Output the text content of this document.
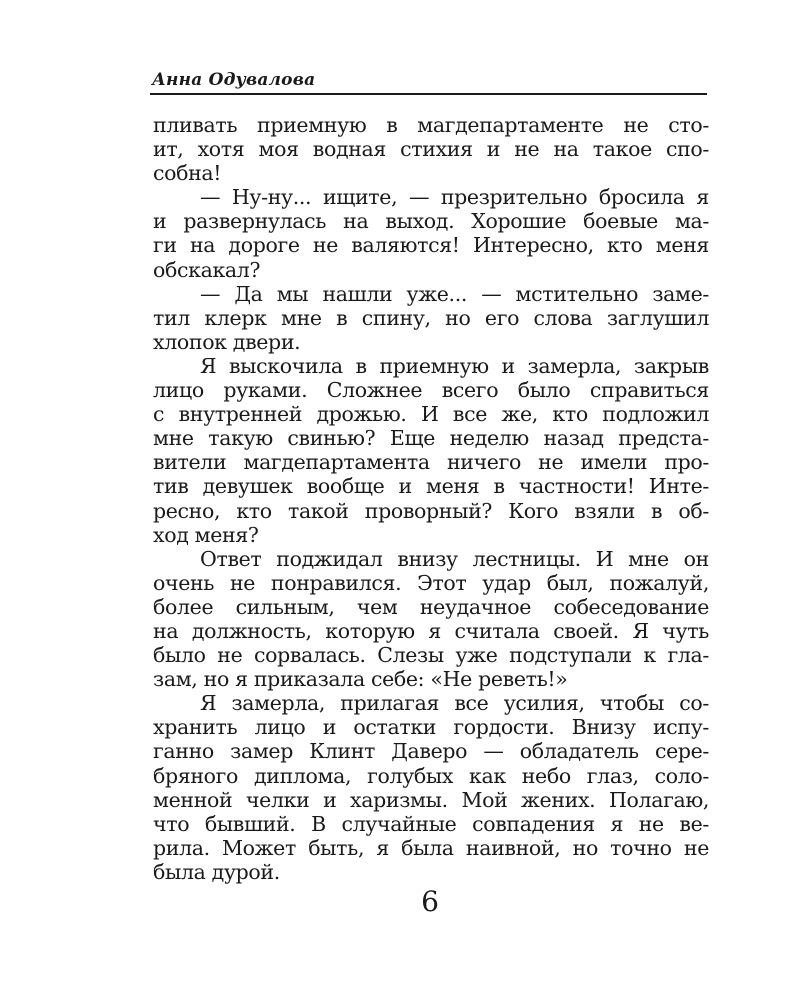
Анна Одувалова
пливать приемную в магдепартаменте не сто-
ит, хотя моя водная стихия и не на такое спо-
собна!
— Ну-ну... ищите, — презрительно бросила я
и развернулась на выход. Хорошие боевые ма-
ги на дороге не валяются! Интересно, кто меня
обскакал?
— Да мы нашли уже... — мстительно заме-
тил клерк мне в спину, но его слова заглушил
хлопок двери.
Я выскочила в приемную и замерла, закрыв
лицо руками. Сложнее всего было справиться
с внутренней дрожью. И все же, кто подложил
мне такую свинью? Еще неделю назад предста-
вители магдепартамента ничего не имели про-
тив девушек вообще и меня в частности! Инте-
ресно, кто такой проворный? Кого взяли в об-
ход меня?
Ответ поджидал внизу лестницы. И мне он
очень не понравился. Этот удар был, пожалуй,
более сильным, чем неудачное собеседование
на должность, которую я считала своей. Я чуть
было не сорвалась. Слезы уже подступали к гла-
зам, но я приказала себе: «Не реветь!»
Я замерла, прилагая все усилия, чтобы со-
хранить лицо и остатки гордости. Внизу испу-
ганно замер Клинт Даверо — обладатель сере-
бряного диплома, голубых как небо глаз, соло-
менной челки и харизмы. Мой жених. Полагаю,
что бывший. В случайные совпадения я не ве-
рила. Может быть, я была наивной, но точно не
была дурой.
6
